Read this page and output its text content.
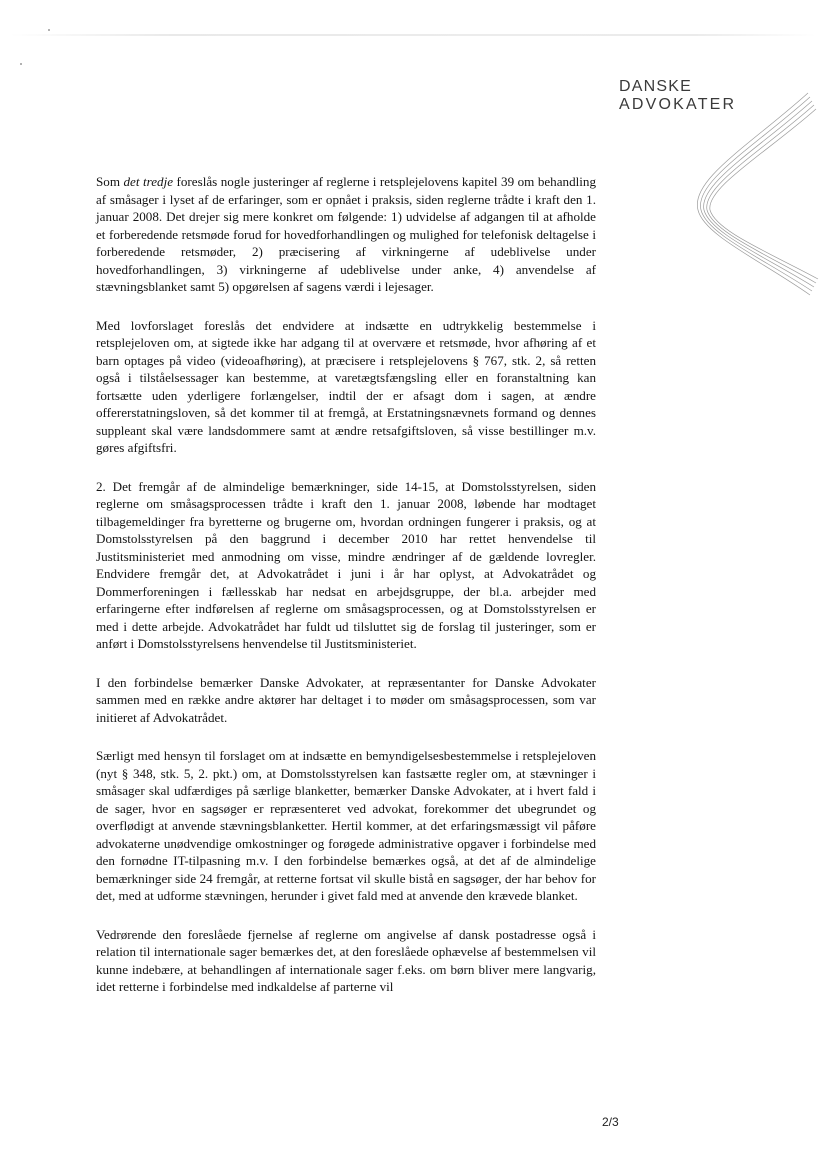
DANSKE
ADVOKATER

Som det tredje foreslås nogle justeringer af reglerne i retsplejelovens kapitel 39 om behandling af småsager i lyset af de erfaringer, som er opnået i praksis, siden reglerne trådte i kraft den 1. januar 2008. Det drejer sig mere konkret om følgende: 1) udvidelse af adgangen til at afholde et forberedende retsmøde forud for hovedforhandlingen og mulighed for telefonisk deltagelse i forberedende retsmøder, 2) præcisering af virkningerne af udeblivelse under hovedforhandlingen, 3) virkningerne af udeblivelse under anke, 4) anvendelse af stævningsblanket samt 5) opgørelsen af sagens værdi i lejesager.

Med lovforslaget foreslås det endvidere at indsætte en udtrykkelig bestemmelse i retsplejeloven om, at sigtede ikke har adgang til at overvære et retsmøde, hvor afhøring af et barn optages på video (videoafhøring), at præcisere i retsplejelovens § 767, stk. 2, så retten også i tilståelsessager kan bestemme, at varetægtsfængsling eller en foranstaltning kan fortsætte uden yderligere forlængelser, indtil der er afsagt dom i sagen, at ændre offererstatningsloven, så det kommer til at fremgå, at Erstatningsnævnets formand og dennes suppleant skal være landsdommere samt at ændre retsafgiftsloven, så visse bestillinger m.v. gøres afgiftsfri.

2. Det fremgår af de almindelige bemærkninger, side 14-15, at Domstolsstyrelsen, siden reglerne om småsagsprocessen trådte i kraft den 1. januar 2008, løbende har modtaget tilbagemeldinger fra byretterne og brugerne om, hvordan ordningen fungerer i praksis, og at Domstolsstyrelsen på den baggrund i december 2010 har rettet henvendelse til Justitsministeriet med anmodning om visse, mindre ændringer af de gældende lovregler. Endvidere fremgår det, at Advokatrådet i juni i år har oplyst, at Advokatrådet og Dommerforeningen i fællesskab har nedsat en arbejdsgruppe, der bl.a. arbejder med erfaringerne efter indførelsen af reglerne om småsagsprocessen, og at Domstolsstyrelsen er med i dette arbejde. Advokatrådet har fuldt ud tilsluttet sig de forslag til justeringer, som er anført i Domstolsstyrelsens henvendelse til Justitsministeriet.

I den forbindelse bemærker Danske Advokater, at repræsentanter for Danske Advokater sammen med en række andre aktører har deltaget i to møder om småsagsprocessen, som var initieret af Advokatrådet.

Særligt med hensyn til forslaget om at indsætte en bemyndigelsesbestemmelse i retsplejeloven (nyt § 348, stk. 5, 2. pkt.) om, at Domstolsstyrelsen kan fastsætte regler om, at stævninger i småsager skal udfærdiges på særlige blanketter, bemærker Danske Advokater, at i hvert fald i de sager, hvor en sagsøger er repræsenteret ved advokat, forekommer det ubegrundet og overflødigt at anvende stævningsblanketter. Hertil kommer, at det erfaringsmæssigt vil påføre advokaterne unødvendige omkostninger og forøgede administrative opgaver i forbindelse med den fornødne IT-tilpasning m.v. I den forbindelse bemærkes også, at det af de almindelige bemærkninger side 24 fremgår, at retterne fortsat vil skulle bistå en sagsøger, der har behov for det, med at udforme stævningen, herunder i givet fald med at anvende den krævede blanket.

Vedrørende den foreslåede fjernelse af reglerne om angivelse af dansk postadresse også i relation til internationale sager bemærkes det, at den foreslåede ophævelse af bestemmelsen vil kunne indebære, at behandlingen af internationale sager f.eks. om børn bliver mere langvarig, idet retterne i forbindelse med indkaldelse af parterne vil

2/3
